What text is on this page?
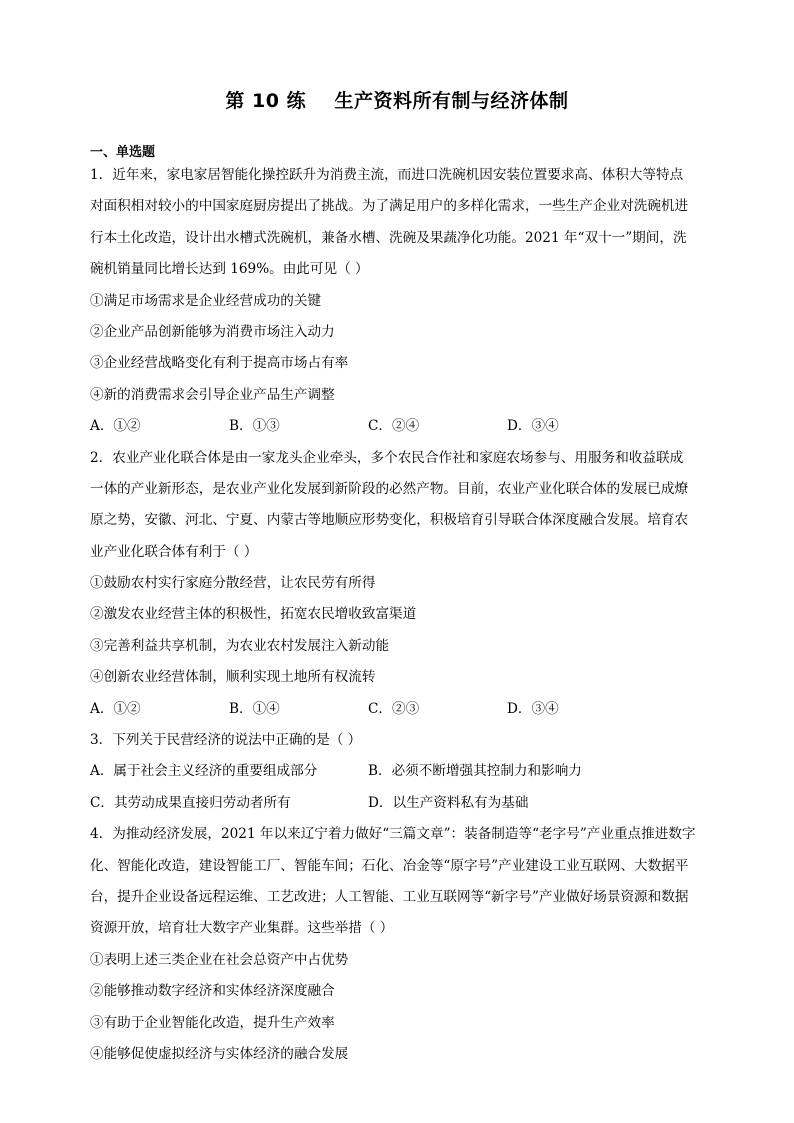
第 10 练    生产资料所有制与经济体制
一、单选题
1．近年来，家电家居智能化操控跃升为消费主流，而进口洗碗机因安装位置要求高、体积大等特点
对面积相对较小的中国家庭厨房提出了挑战。为了满足用户的多样化需求，一些生产企业对洗碗机进
行本土化改造，设计出水槽式洗碗机，兼备水槽、洗碗及果蔬净化功能。2021 年“双十一”期间，洗
碗机销量同比增长达到 169%。由此可见（ ）
①满足市场需求是企业经营成功的关键
②企业产品创新能够为消费市场注入动力
③企业经营战略变化有利于提高市场占有率
④新的消费需求会引导企业产品生产调整
A．①②	B．①③	C．②④	D．③④
2．农业产业化联合体是由一家龙头企业牵头，多个农民合作社和家庭农场参与、用服务和收益联成
一体的产业新形态，是农业产业化发展到新阶段的必然产物。目前，农业产业化联合体的发展已成燎
原之势，安徽、河北、宁夏、内蒙古等地顺应形势变化，积极培育引导联合体深度融合发展。培育农
业产业化联合体有利于（ ）
①鼓励农村实行家庭分散经营，让农民劳有所得
②激发农业经营主体的积极性，拓宽农民增收致富渠道
③完善利益共享机制，为农业农村发展注入新动能
④创新农业经营体制，顺利实现土地所有权流转
A．①②	B．①④	C．②③	D．③④
3．下列关于民营经济的说法中正确的是（ ）
A．属于社会主义经济的重要组成部分	B．必须不断增强其控制力和影响力
C．其劳动成果直接归劳动者所有	D．以生产资料私有为基础
4．为推动经济发展，2021 年以来辽宁着力做好“三篇文章”：装备制造等“老字号”产业重点推进数字
化、智能化改造，建设智能工厂、智能车间；石化、冶金等“原字号”产业建设工业互联网、大数据平
台，提升企业设备远程运维、工艺改进；人工智能、工业互联网等“新字号”产业做好场景资源和数据
资源开放，培育壮大数字产业集群。这些举措（ ）
①表明上述三类企业在社会总资产中占优势
②能够推动数字经济和实体经济深度融合
③有助于企业智能化改造，提升生产效率
④能够促使虚拟经济与实体经济的融合发展
